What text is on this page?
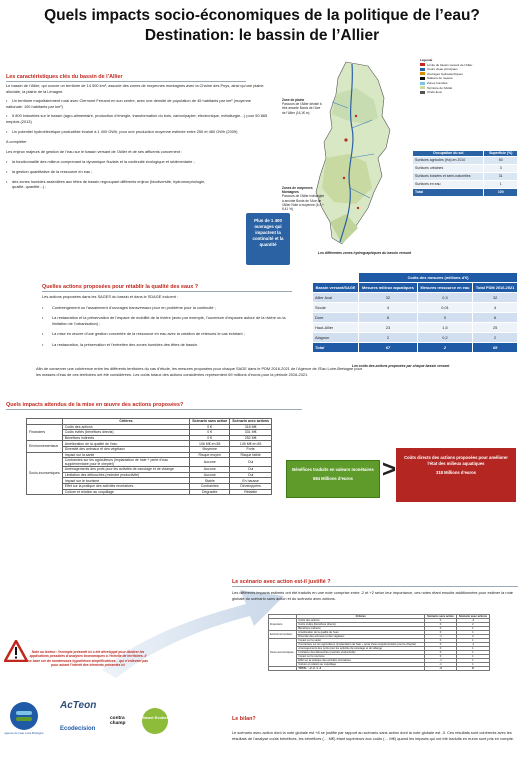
Quels impacts socio-économiques de la politique de l’eau?
Destination: le bassin de l’Allier
Les caractéristiques clés du bassin de l’Allier

Le bassin de l’Allier, qui couvre un territoire de 14 500 km², associe des zones de moyennes montagnes avec la Chaîne des Puys, ainsi qu’une plaine alluviale, la plaine de la Limagne.

• Un territoire majoritairement rural avec Clermont Ferrand en son centre, avec une densité de population de 45 habitants par km² (moyenne nationale: 100 habitants par km²)

• 5 800 industries sur le bassin (agro-alimentaire, production d’énergie, transformation du bois, carton/papier, électronique, métallurgie…) pour 50 865 emplois (2013)

• Un potentiel hydroélectrique productible évalué à 1 400 GWh, pour une production moyenne estimée entre 250 et 480 GWh (2009)

A compléter

Les enjeux majeurs de gestion de l’eau sur le bassin versant de l’Allier et de ses affluents concernent :

• la fonctionnalité des milieux comprenant la dynamique fluviale et la continuité écologique et sédimentaire ;

• la gestion quantitative de la ressource en eau ;

• des zones humides assimilées aux têtes de bassin regroupant différents enjeux (biodiversité, hydromorphologie, qualité, quantité...) ;

Plus de 1 400 ouvrages qui impactent la continuité et la quantité
Zone de plaine
Parcours de l’Allier dévalé à très amonte Bords de l’Axe de l’Allier (16,1€ m)
Zones de moyennes Montagnes
Parcours de l’Allier inchangée à amonte Bords de l’Axe de l’Allier Note à moyenne (6,4 + 6,41 %)
Légende
Limite du bassin versant de l’Allier
Cours d’eau principaux
Ouvrages hydroélectriques
Stations de mesure
Zones humides
Territoire de SAGE
Chefs-lieux
Les différentes zones hydrographiques du bassin versant
Occupation du sol	Superficie (%)
Surfaces agricoles (Ha) en 2010	50
Surfaces urbaines	3
Surfaces boisées et semi-naturelles	31
Surfaces en eau	1
Total	100
Quelles actions proposées pour rétablir la qualité des eaux ?

Les actions proposées dans les SAGES du bassin et dans le SDAGE incluent :

• Contreingement ou l’assainment d’ouvrages transversaux pour en problème pour la continuité ;

• La restauration et la préservation de l’espace de mobilité de la rivière (avec par exemple, l’ouverture d’espaces autour de la rivière ou la limitation de l’urbanisation) ;

• La mise en œuvre d’une gestion concertée de la ressource en eau avec la création de retenues le cas échéant ;

• La restauration, la préservation et l’entretien des zones humides des têtes de bassin.

Afin de conserver une cohérence entre les différents territoires du cas d’étude, les mesures proposées pour chaque SAGE dans le PDM 2016-2021 de l’Agence de l’Eau Loire-Bretagne pour les masses d’eau de ces territoires ont été considérées. Les coûts totaux des actions considérées représentent 69 millions d’euros pour la période 2016-2021.
	Coûts des mesures (millions d’€)		
Bassin versant/SAGE	Mesures milieux aquatiques	Mesures ressource en eau	Total PDM 2016-2021
Allier Aval	32	0,3	32
Sioule	4	0,01	4
Dore	6	0	6
Haut-Allier	23	1,5	25
Alagnon	2	0,2	2
Total	67	2	69
Les coûts des actions proposées par chaque bassin versant
Quels impacts attendus de la mise en œuvre des actions proposées?
	Critères	Scénario sans action	Scénario avec actions
Financiers	Coûts des actions	0 €	318 M€
	Coûts évités (bénéfices directs)	0 €	331 M€
	Bénéfices indirects	0 €	252 M€
Environnementaux	Amélioration de la qualité de l’eau	106 M€ en 85	149 M€ en 85
	Diversité des animaux et des végétaux	Moyenne	Forte
Socio-économiques	Impact sur la santé	Risque moyen	Risque faible
	Contraintes sur les agriculteurs (implantation de haie + perte d’eau supplémentaire pour le cheptel)	Aucune	Oui
	Aménagements des ports pour les activités de canotage et de vidange	Aucune	Oui
	Limitation des débouchés (moindre productivité)	Aucune	Oui
	Impact sur le tourisme	Stable	En hausse
	Effet sur la pratique des activités récréatives	Contraintes	Développées
	Culture et relation au coquillage	Dégradée	Rétablie
Bénéfices traduits en valeurs monétaires
584 Millions d’euros	>	Coûts directs des actions proposées pour améliorer l’état des milieux aquatiques
318 Millions d’euros
Le scénario avec action est-il justifié ?
Les différents impacts estimés ont été traduits en une note comprise entre -2 et +2 selon leur importance, ces notes étant ensuite additionnées pour estimer la note globale du scénario sans action et du scénario avec actions.
	Critères	Scénario sans action	Scénario avec actions
Financiers	Coûts des actions	0	-2
	Coûts évités (bénéfices directs)	0	2
	Bénéfices indirects	0	1
Environnementaux	Amélioration de la qualité de l’eau	0	1
	Diversité des animaux et des végétaux	-1	2
Socio-économiques	Impact sur la santé	0	1
	Contraintes sur les agriculteurs (implantation de haie + perte d’eau supplémentaire pour le cheptel)	0	-1
	Aménagements des ports pour les activités de canotage et de vidange	0	1
	Limitation des débouchés (moindre productivité)	0	1
	Impact sur le tourisme	0	1
	Effet sur la pratique des activités récréatives	-1	1
	Culture et relation au coquillage	-1	1
	TOTAL : -2 -2 -1 -2	-3	8
Note au lecteur: l’exemple présenté ici a été développé pour illustrer les applications possibles d’analyses économiques à l’échelle de territoires. Il se base sur de nombreuses hypothèses simplificatrices – qui n’enlèvent pas pour autant l’intérêt des éléments présentés ici
Le bilan?
Le scénario avec action dont la note globale est +8 se justifie par rapport au scénario sans action dont la note globale est -3. Ces résultats sont cohérents avec les résultats de l’analyse coûts bénéfices, les bénéfices (… M€) étant supérieurs aux coûts (… M€) quand les impacts qui ont été traduits en euros sont pris en compte.
agence de l’eau Loire-Bretagne
AcTeon
Ecodecision
contra champ
Smart Ecobel
